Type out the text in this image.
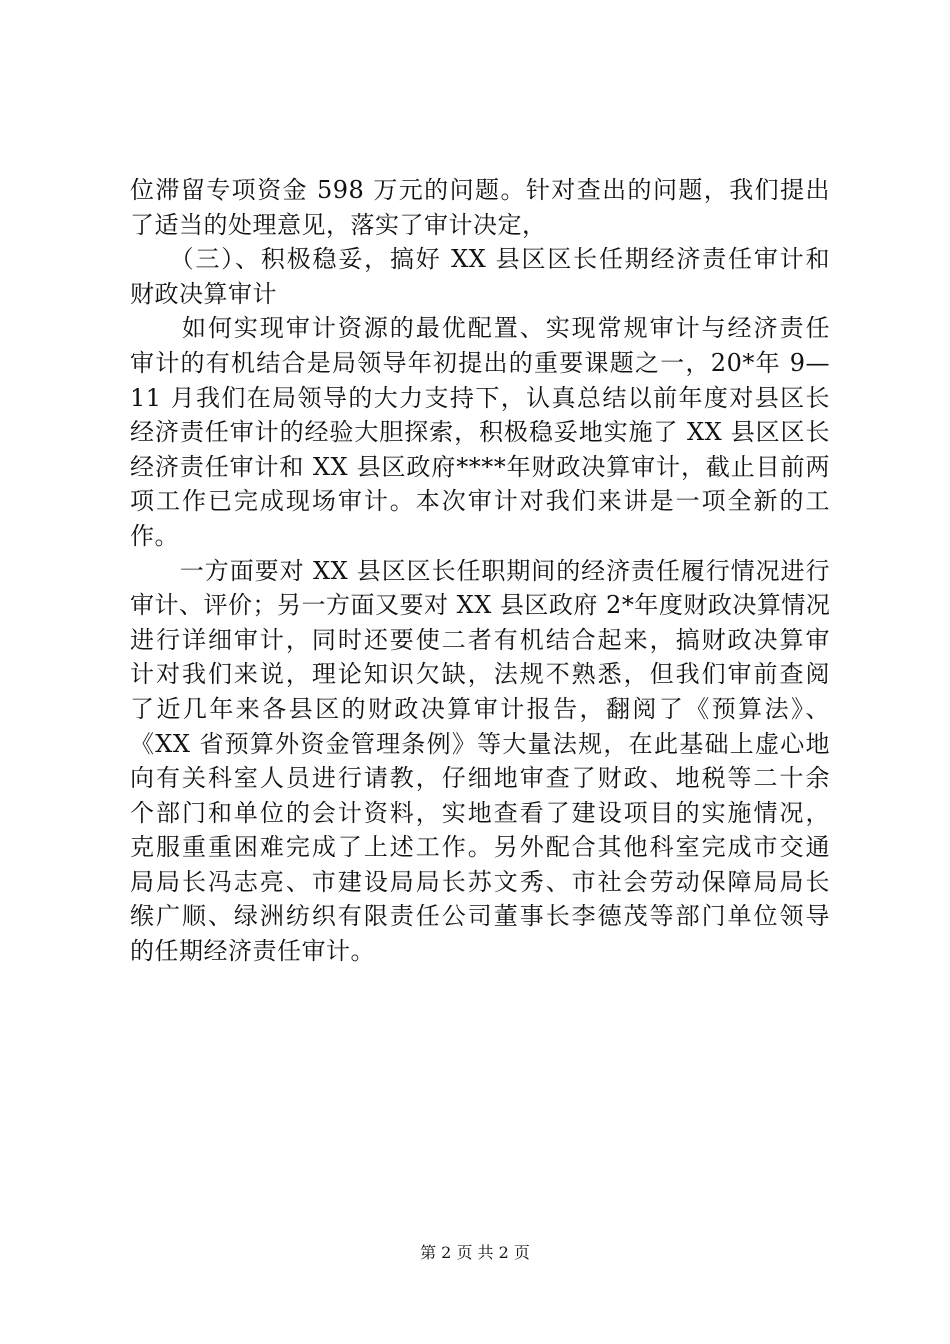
位滞留专项资金 598 万元的问题。针对查出的问题，我们提出
了适当的处理意见，落实了审计决定，
　　（三）、积极稳妥，搞好 XX 县区区长任期经济责任审计和
财政决算审计
　　如何实现审计资源的最优配置、实现常规审计与经济责任
审计的有机结合是局领导年初提出的重要课题之一，20*年 9—
11 月我们在局领导的大力支持下，认真总结以前年度对县区长
经济责任审计的经验大胆探索，积极稳妥地实施了 XX 县区区长
经济责任审计和 XX 县区政府****年财政决算审计，截止目前两
项工作已完成现场审计。本次审计对我们来讲是一项全新的工
作。
　　一方面要对 XX 县区区长任职期间的经济责任履行情况进行
审计、评价；另一方面又要对 XX 县区政府 2*年度财政决算情况
进行详细审计，同时还要使二者有机结合起来，搞财政决算审
计对我们来说，理论知识欠缺，法规不熟悉，但我们审前查阅
了近几年来各县区的财政决算审计报告，翻阅了《预算法》、
《XX 省预算外资金管理条例》等大量法规，在此基础上虚心地
向有关科室人员进行请教，仔细地审查了财政、地税等二十余
个部门和单位的会计资料，实地查看了建设项目的实施情况，
克服重重困难完成了上述工作。另外配合其他科室完成市交通
局局长冯志亮、市建设局局长苏文秀、市社会劳动保障局局长
缑广顺、绿洲纺织有限责任公司董事长李德茂等部门单位领导
的任期经济责任审计。
第 2 页 共 2 页
